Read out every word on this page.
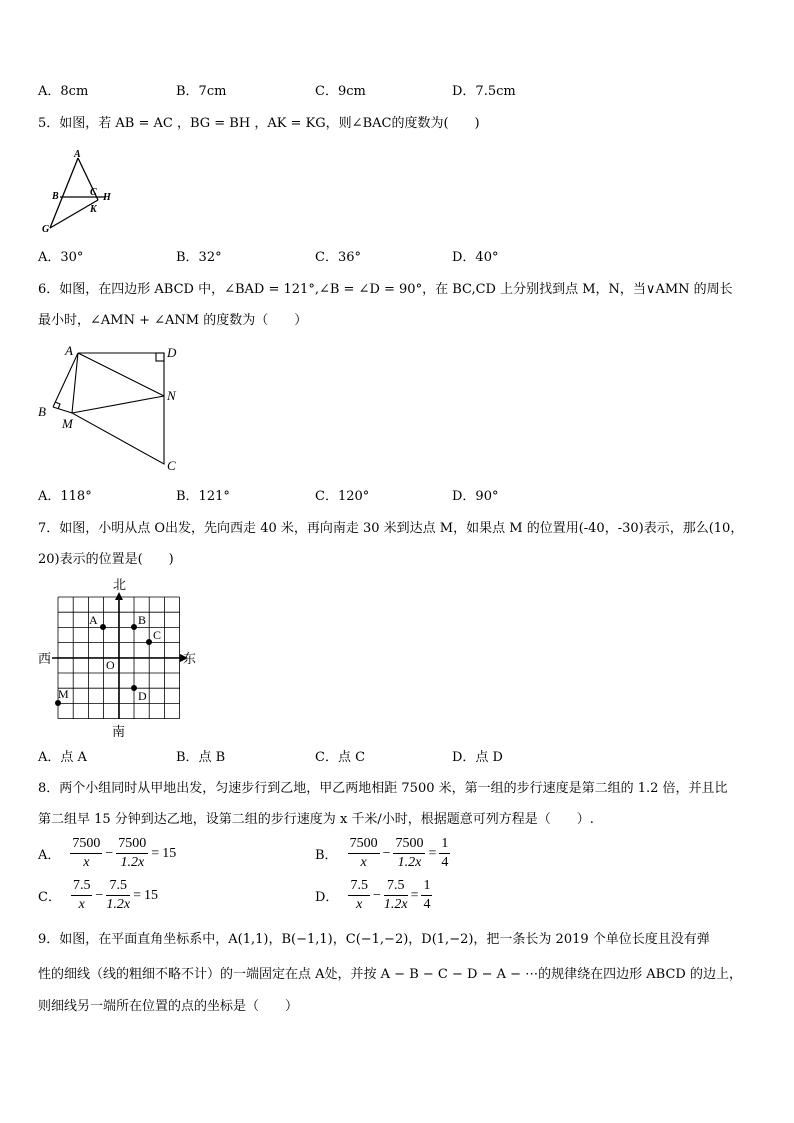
A．8cm	B．7cm	C．9cm	D．7.5cm
5．如图，若 AB = AC ，BG = BH ，AK = KG，则∠BAC的度数为(　　)
A
B	C H
K
G
A．30°	B．32°	C．36°	D．40°
6．如图，在四边形 ABCD 中，∠BAD = 121°,∠B = ∠D = 90°，在 BC,CD 上分别找到点 M，N，当∨AMN 的周长
最小时，∠AMN + ∠ANM 的度数为（　　）
A	D
N
B
M
C
A．118°	B．121°	C．120°	D．90°
7．如图，小明从点 O出发，先向西走 40 米，再向南走 30 米到达点 M，如果点 M 的位置用(-40，-30)表示，那么(10，
20)表示的位置是(　　)
A	B
C
D
M
O
北
南
西	东
A．点 A	B．点 B	C．点 C	D．点 D
8．两个小组同时从甲地出发，匀速步行到乙地，甲乙两地相距 7500 米，第一组的步行速度是第二组的 1.2 倍，并且比
第二组早 15 分钟到达乙地，设第二组的步行速度为 x 千米/小时，根据题意可列方程是（　　）.
A． $\frac{7500}{x} - \frac{7500}{1.2x} = 15$	B． $\frac{7500}{x} - \frac{7500}{1.2x} = \frac{1}{4}$
C． $\frac{7.5}{x} - \frac{7.5}{1.2x} = 15$	D． $\frac{7.5}{x} - \frac{7.5}{1.2x} = \frac{1}{4}$
9．如图，在平面直角坐标系中，A(1,1)，B(−1,1)，C(−1,−2)，D(1,−2)，把一条长为 2019 个单位长度且没有弹
性的细线（线的粗细不略不计）的一端固定在点 A处，并按 A − B − C − D − A − ⋯的规律绕在四边形 ABCD 的边上，
则细线另一端所在位置的点的坐标是（　　）
